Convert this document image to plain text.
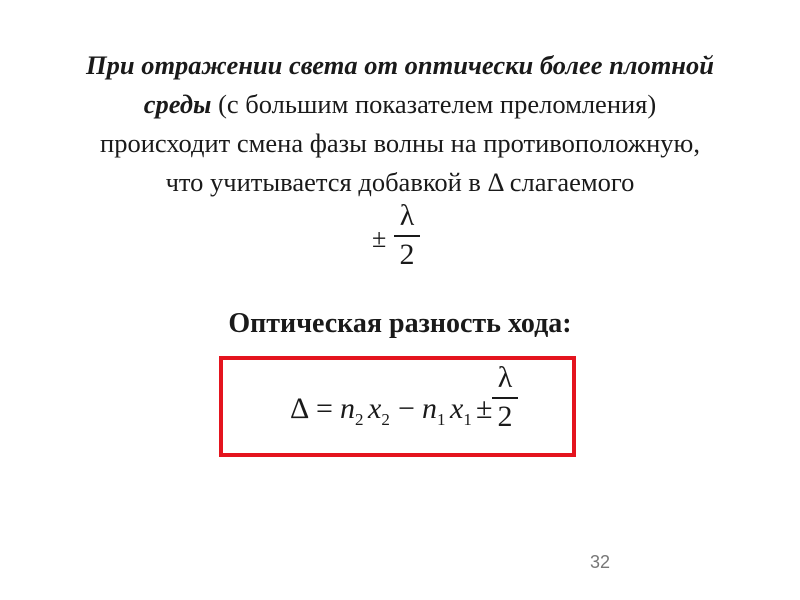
При отражении света от оптически более плотной
среды (с большим показателем преломления)
происходит смена фазы волны на противоположную,
что учитывается добавкой в Δ слагаемого
±
λ
2
Оптическая разность хода:
$\Delta = n_2$ $x_2 - n_1$ $x_1$ ±
λ
2
32
